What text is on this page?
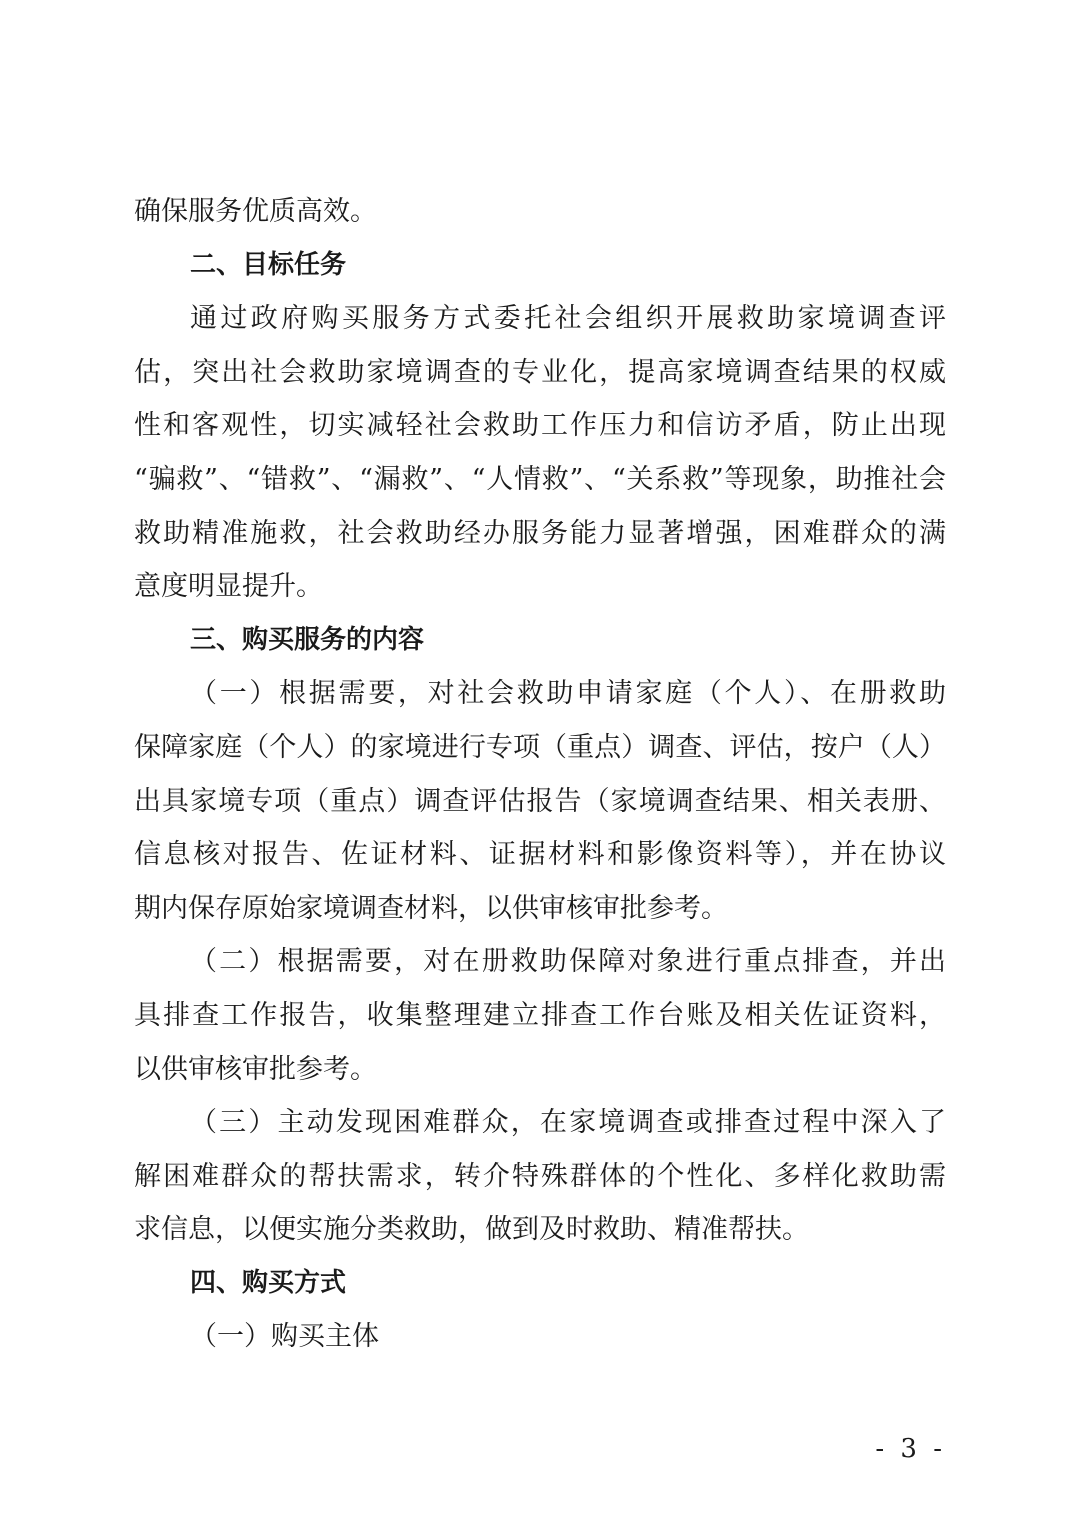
确保服务优质高效。
二、目标任务
通过政府购买服务方式委托社会组织开展救助家境调查评
估，突出社会救助家境调查的专业化，提高家境调查结果的权威
性和客观性，切实减轻社会救助工作压力和信访矛盾，防止出现
“骗救”、“错救”、“漏救”、“人情救”、“关系救”等现象，助推社会
救助精准施救，社会救助经办服务能力显著增强，困难群众的满
意度明显提升。
三、购买服务的内容
（一）根据需要，对社会救助申请家庭（个人）、在册救助
保障家庭（个人）的家境进行专项（重点）调查、评估，按户（人）
出具家境专项（重点）调查评估报告（家境调查结果、相关表册、
信息核对报告、佐证材料、证据材料和影像资料等），并在协议
期内保存原始家境调查材料，以供审核审批参考。
（二）根据需要，对在册救助保障对象进行重点排查，并出
具排查工作报告，收集整理建立排查工作台账及相关佐证资料，
以供审核审批参考。
（三）主动发现困难群众，在家境调查或排查过程中深入了
解困难群众的帮扶需求，转介特殊群体的个性化、多样化救助需
求信息，以便实施分类救助，做到及时救助、精准帮扶。
四、购买方式
（一）购买主体
- 3 -
